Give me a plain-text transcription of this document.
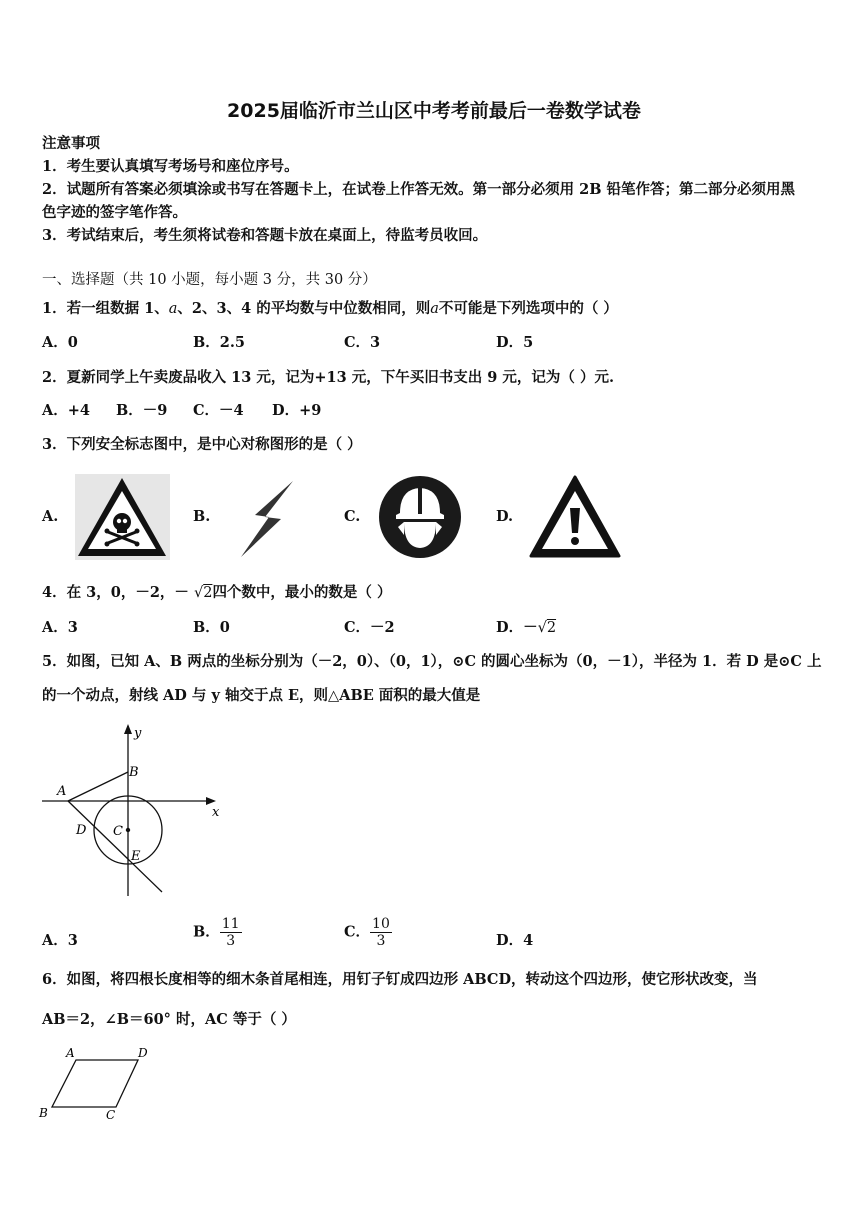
2025届临沂市兰山区中考考前最后一卷数学试卷
注意事项
1．考生要认真填写考场号和座位序号。
2．试题所有答案必须填涂或书写在答题卡上，在试卷上作答无效。第一部分必须用 2B 铅笔作答；第二部分必须用黑
色字迹的签字笔作答。
3．考试结束后，考生须将试卷和答题卡放在桌面上，待监考员收回。
一、选择题（共 10 小题，每小题 3 分，共 30 分）
1．若一组数据 1、a、2、3、4 的平均数与中位数相同，则a不可能是下列选项中的（ ）
A．0	B．2.5	C．3	D．5
2．夏新同学上午卖废品收入 13 元，记为+13 元，下午买旧书支出 9 元，记为（ ）元.
A．+4 B．－9 C．－4 D．+9
3．下列安全标志图中，是中心对称图形的是（ ）
A.	B.	C.	D.
4．在 3，0，－2，－ √2四个数中，最小的数是（ ）
A．3	B．0	C．－2	D．－√2
5．如图，已知 A、B 两点的坐标分别为（－2，0）、（0，1），⊙C 的圆心坐标为（0，－1），半径为 1．若 D 是⊙C 上
的一个动点，射线 AD 与 y 轴交于点 E，则△ABE 面积的最大值是
y
x
B
A
D C
E
A．3	B． $\frac{11}{3}$	C． $\frac{10}{3}$	D．4
6．如图，将四根长度相等的细木条首尾相连，用钉子钉成四边形 ABCD，转动这个四边形，使它形状改变，当
AB＝2，∠B＝60° 时，AC 等于（ ）
A	D
B	C
